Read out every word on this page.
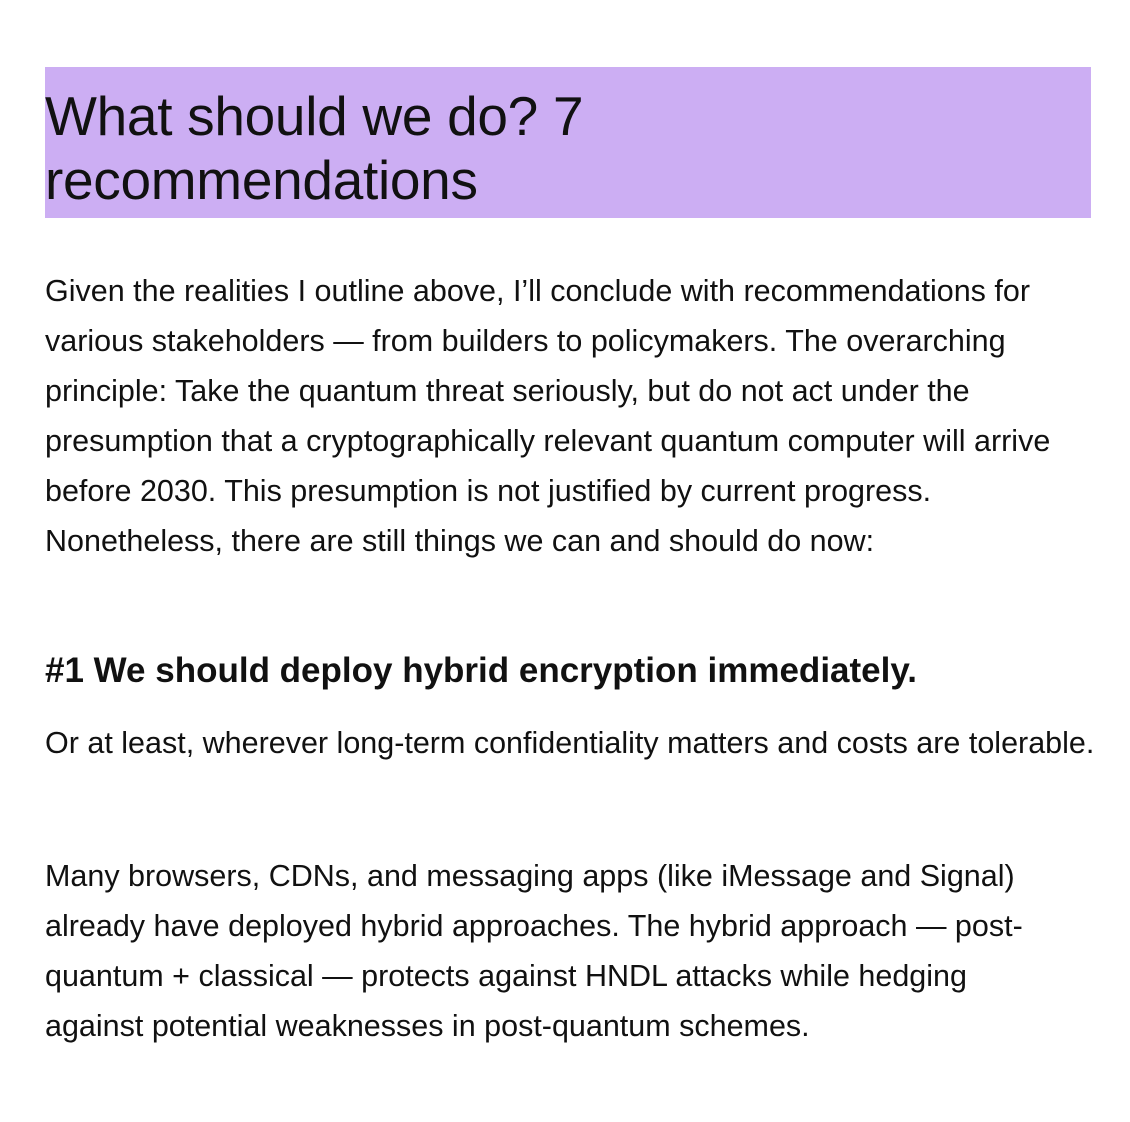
What should we do? 7 recommendations

Given the realities I outline above, I’ll conclude with recommendations for various stakeholders — from builders to policymakers. The overarching principle: Take the quantum threat seriously, but do not act under the presumption that a cryptographically relevant quantum computer will arrive before 2030. This presumption is not justified by current progress. Nonetheless, there are still things we can and should do now:

#1 We should deploy hybrid encryption immediately.

Or at least, wherever long-term confidentiality matters and costs are tolerable.

Many browsers, CDNs, and messaging apps (like iMessage and Signal) already have deployed hybrid approaches. The hybrid approach — post-quantum + classical — protects against HNDL attacks while hedging against potential weaknesses in post-quantum schemes.
